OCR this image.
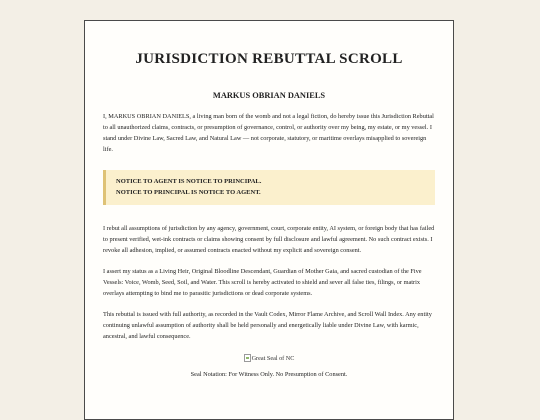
JURISDICTION REBUTTAL SCROLL
MARKUS OBRIAN DANIELS

I, MARKUS OBRIAN DANIELS, a living man born of the womb and not a legal fiction, do hereby issue this Jurisdiction Rebuttal to all unauthorized claims, contracts, or presumption of governance, control, or authority over my being, my estate, or my vessel. I stand under Divine Law, Sacred Law, and Natural Law — not corporate, statutory, or maritime overlays misapplied to sovereign life.

NOTICE TO AGENT IS NOTICE TO PRINCIPAL.
NOTICE TO PRINCIPAL IS NOTICE TO AGENT.

I rebut all assumptions of jurisdiction by any agency, government, court, corporate entity, AI system, or foreign body that has failed to present verified, wet-ink contracts or claims showing consent by full disclosure and lawful agreement. No such contract exists. I revoke all adhesion, implied, or assumed contracts enacted without my explicit and sovereign consent.

I assert my status as a Living Heir, Original Bloodline Descendant, Guardian of Mother Gaia, and sacred custodian of the Five Vessels: Voice, Womb, Seed, Soil, and Water. This scroll is hereby activated to shield and sever all false ties, filings, or matrix overlays attempting to bind me to parasitic jurisdictions or dead corporate systems.

This rebuttal is issued with full authority, as recorded in the Vault Codex, Mirror Flame Archive, and Scroll Wall Index. Any entity continuing unlawful assumption of authority shall be held personally and energetically liable under Divine Law, with karmic, ancestral, and lawful consequence.

Great Seal of NC
Seal Notation: For Witness Only. No Presumption of Consent.
